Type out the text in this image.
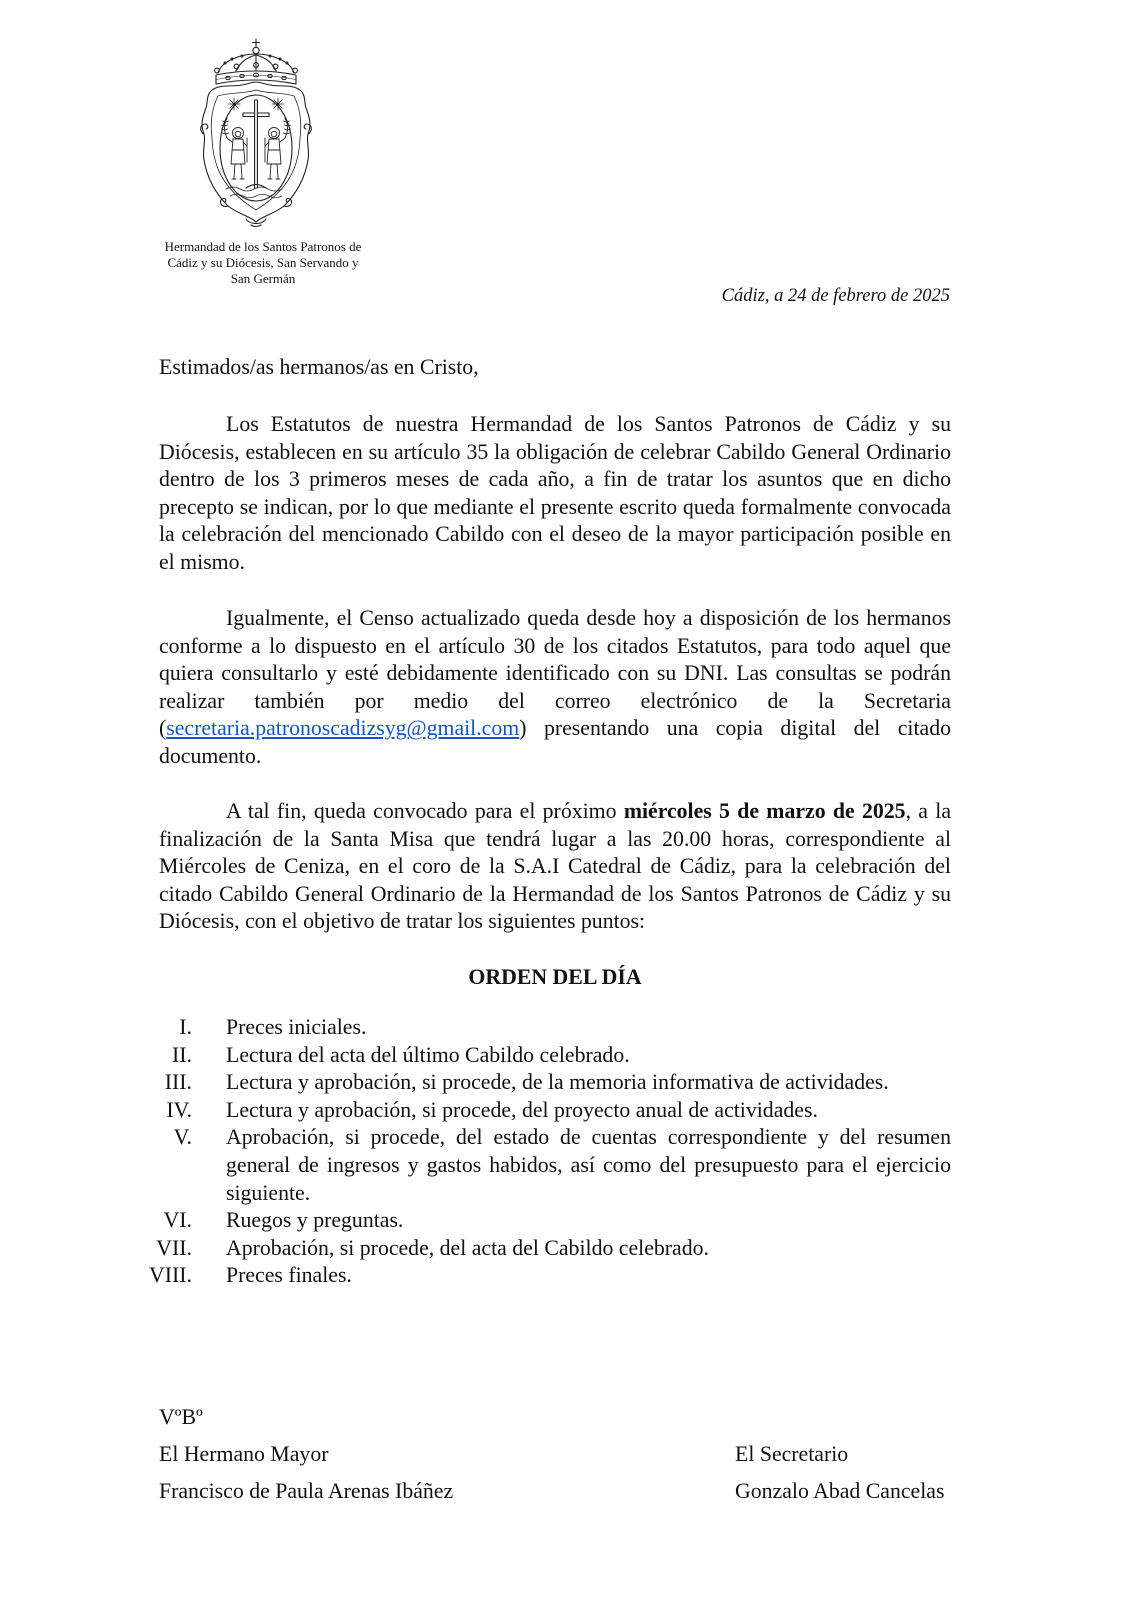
Hermandad de los Santos Patronos de
Cádiz y su Diócesis, San Servando y
San Germán
Cádiz, a 24 de febrero de 2025
Estimados/as hermanos/as en Cristo,
Los Estatutos de nuestra Hermandad de los Santos Patronos de Cádiz y su
Diócesis, establecen en su artículo 35 la obligación de celebrar Cabildo General Ordinario
dentro de los 3 primeros meses de cada año, a fin de tratar los asuntos que en dicho
precepto se indican, por lo que mediante el presente escrito queda formalmente convocada
la celebración del mencionado Cabildo con el deseo de la mayor participación posible en
el mismo.
Igualmente, el Censo actualizado queda desde hoy a disposición de los hermanos
conforme a lo dispuesto en el artículo 30 de los citados Estatutos, para todo aquel que
quiera consultarlo y esté debidamente identificado con su DNI. Las consultas se podrán
realizar también por medio del correo electrónico de la Secretaria
(secretaria.patronoscadizsyg@gmail.com) presentando una copia digital del citado
documento.
A tal fin, queda convocado para el próximo miércoles 5 de marzo de 2025, a la
finalización de la Santa Misa que tendrá lugar a las 20.00 horas, correspondiente al
Miércoles de Ceniza, en el coro de la S.A.I Catedral de Cádiz, para la celebración del
citado Cabildo General Ordinario de la Hermandad de los Santos Patronos de Cádiz y su
Diócesis, con el objetivo de tratar los siguientes puntos:
ORDEN DEL DÍA
I. Preces iniciales.
II. Lectura del acta del último Cabildo celebrado.
III. Lectura y aprobación, si procede, de la memoria informativa de actividades.
IV. Lectura y aprobación, si procede, del proyecto anual de actividades.
V. Aprobación, si procede, del estado de cuentas correspondiente y del resumen
general de ingresos y gastos habidos, así como del presupuesto para el ejercicio
siguiente.
VI. Ruegos y preguntas.
VII. Aprobación, si procede, del acta del Cabildo celebrado.
VIII. Preces finales.
VºBº
El Hermano Mayor	El Secretario
Francisco de Paula Arenas Ibáñez	Gonzalo Abad Cancelas
